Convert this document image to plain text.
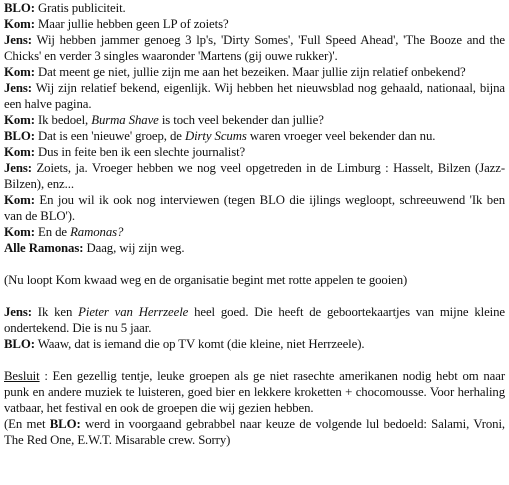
BLO: Gratis publiciteit.

Kom: Maar jullie hebben geen LP of zoiets?

Jens: Wij hebben jammer genoeg 3 lp's, 'Dirty Somes', 'Full Speed Ahead', 'The Booze and the Chicks' en verder 3 singles waaronder 'Martens (gij ouwe rukker)'.

Kom: Dat meent ge niet, jullie zijn me aan het bezeiken. Maar jullie zijn relatief onbekend?

Jens: Wij zijn relatief bekend, eigenlijk. Wij hebben het nieuwsblad nog gehaald, nationaal, bijna een halve pagina.

Kom: Ik bedoel, Burma Shave is toch veel bekender dan jullie?

BLO: Dat is een 'nieuwe' groep, de Dirty Scums waren vroeger veel bekender dan nu.

Kom: Dus in feite ben ik een slechte journalist?

Jens: Zoiets, ja. Vroeger hebben we nog veel opgetreden in de Limburg : Hasselt, Bilzen (Jazz-Bilzen), enz...

Kom: En jou wil ik ook nog interviewen (tegen BLO die ijlings wegloopt, schreeuwend 'Ik ben van de BLO').

Kom: En de Ramonas?

Alle Ramonas: Daag, wij zijn weg.

(Nu loopt Kom kwaad weg en de organisatie begint met rotte appelen te gooien)

Jens: Ik ken Pieter van Herrzeele heel goed. Die heeft de geboortekaartjes van mijne kleine ondertekend. Die is nu 5 jaar.

BLO: Waaw, dat is iemand die op TV komt (die kleine, niet Herrzeele).

Besluit : Een gezellig tentje, leuke groepen als ge niet rasechte amerikanen nodig hebt om naar punk en andere muziek te luisteren, goed bier en lekkere kroketten + chocomousse. Voor herhaling vatbaar, het festival en ook de groepen die wij gezien hebben.

(En met BLO: werd in voorgaand gebrabbel naar keuze de volgende lul bedoeld: Salami, Vroni, The Red One, E.W.T. Misarable crew. Sorry)
